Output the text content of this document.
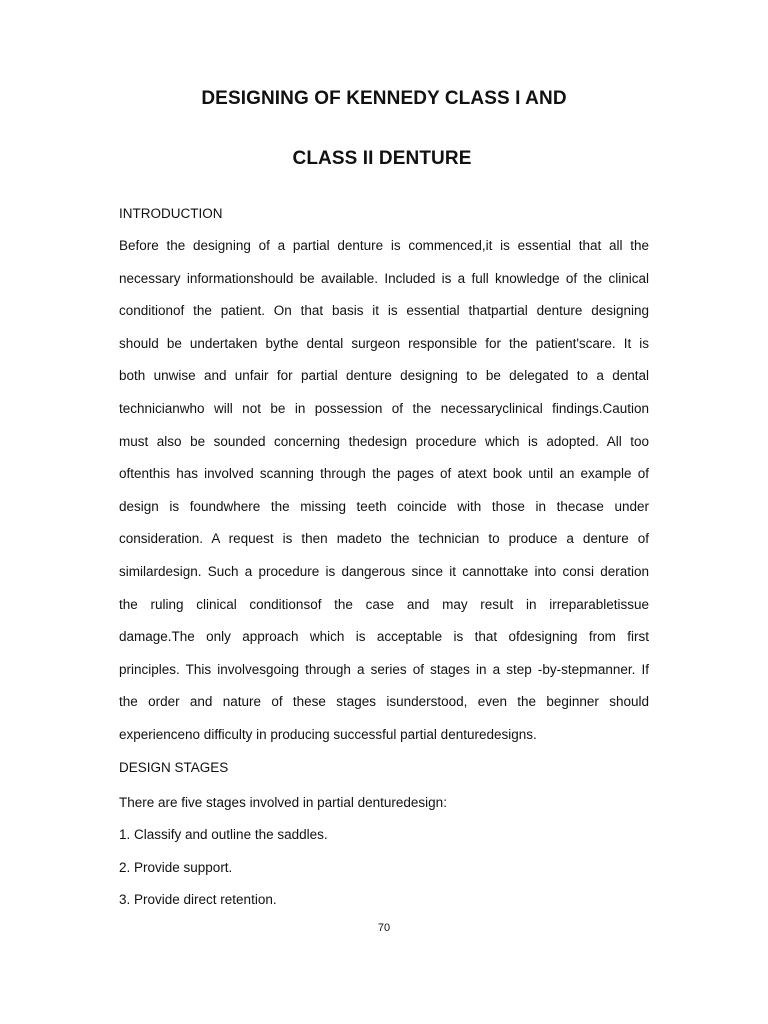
DESIGNING OF KENNEDY CLASS I AND
CLASS II DENTURE

INTRODUCTION

Before the designing of a partial denture is commenced,it is essential that all the
necessary informationshould be available. Included is a full knowledge of the clinical
conditionof the patient. On that basis it is essential thatpartial denture designing
should be undertaken bythe dental surgeon responsible for the patient'scare. It is
both unwise and unfair for partial denture designing to be delegated to a dental
technicianwho will not be in possession of the necessaryclinical findings.Caution
must also be sounded concerning thedesign procedure which is adopted. All too
oftenthis has involved scanning through the pages of atext book until an example of
design is foundwhere the missing teeth coincide with those in thecase under
consideration. A request is then madeto the technician to produce a denture of
similardesign. Such a procedure is dangerous since it cannottake into consi deration
the ruling clinical conditionsof the case and may result in irreparabletissue
damage.The only approach which is acceptable is that ofdesigning from first
principles. This involvesgoing through a series of stages in a step -by-stepmanner. If
the order and nature of these stages isunderstood, even the beginner should
experienceno difficulty in producing successful partial denturedesigns.

DESIGN STAGES

There are five stages involved in partial denturedesign:

1. Classify and outline the saddles.

2. Provide support.

3. Provide direct retention.

70
